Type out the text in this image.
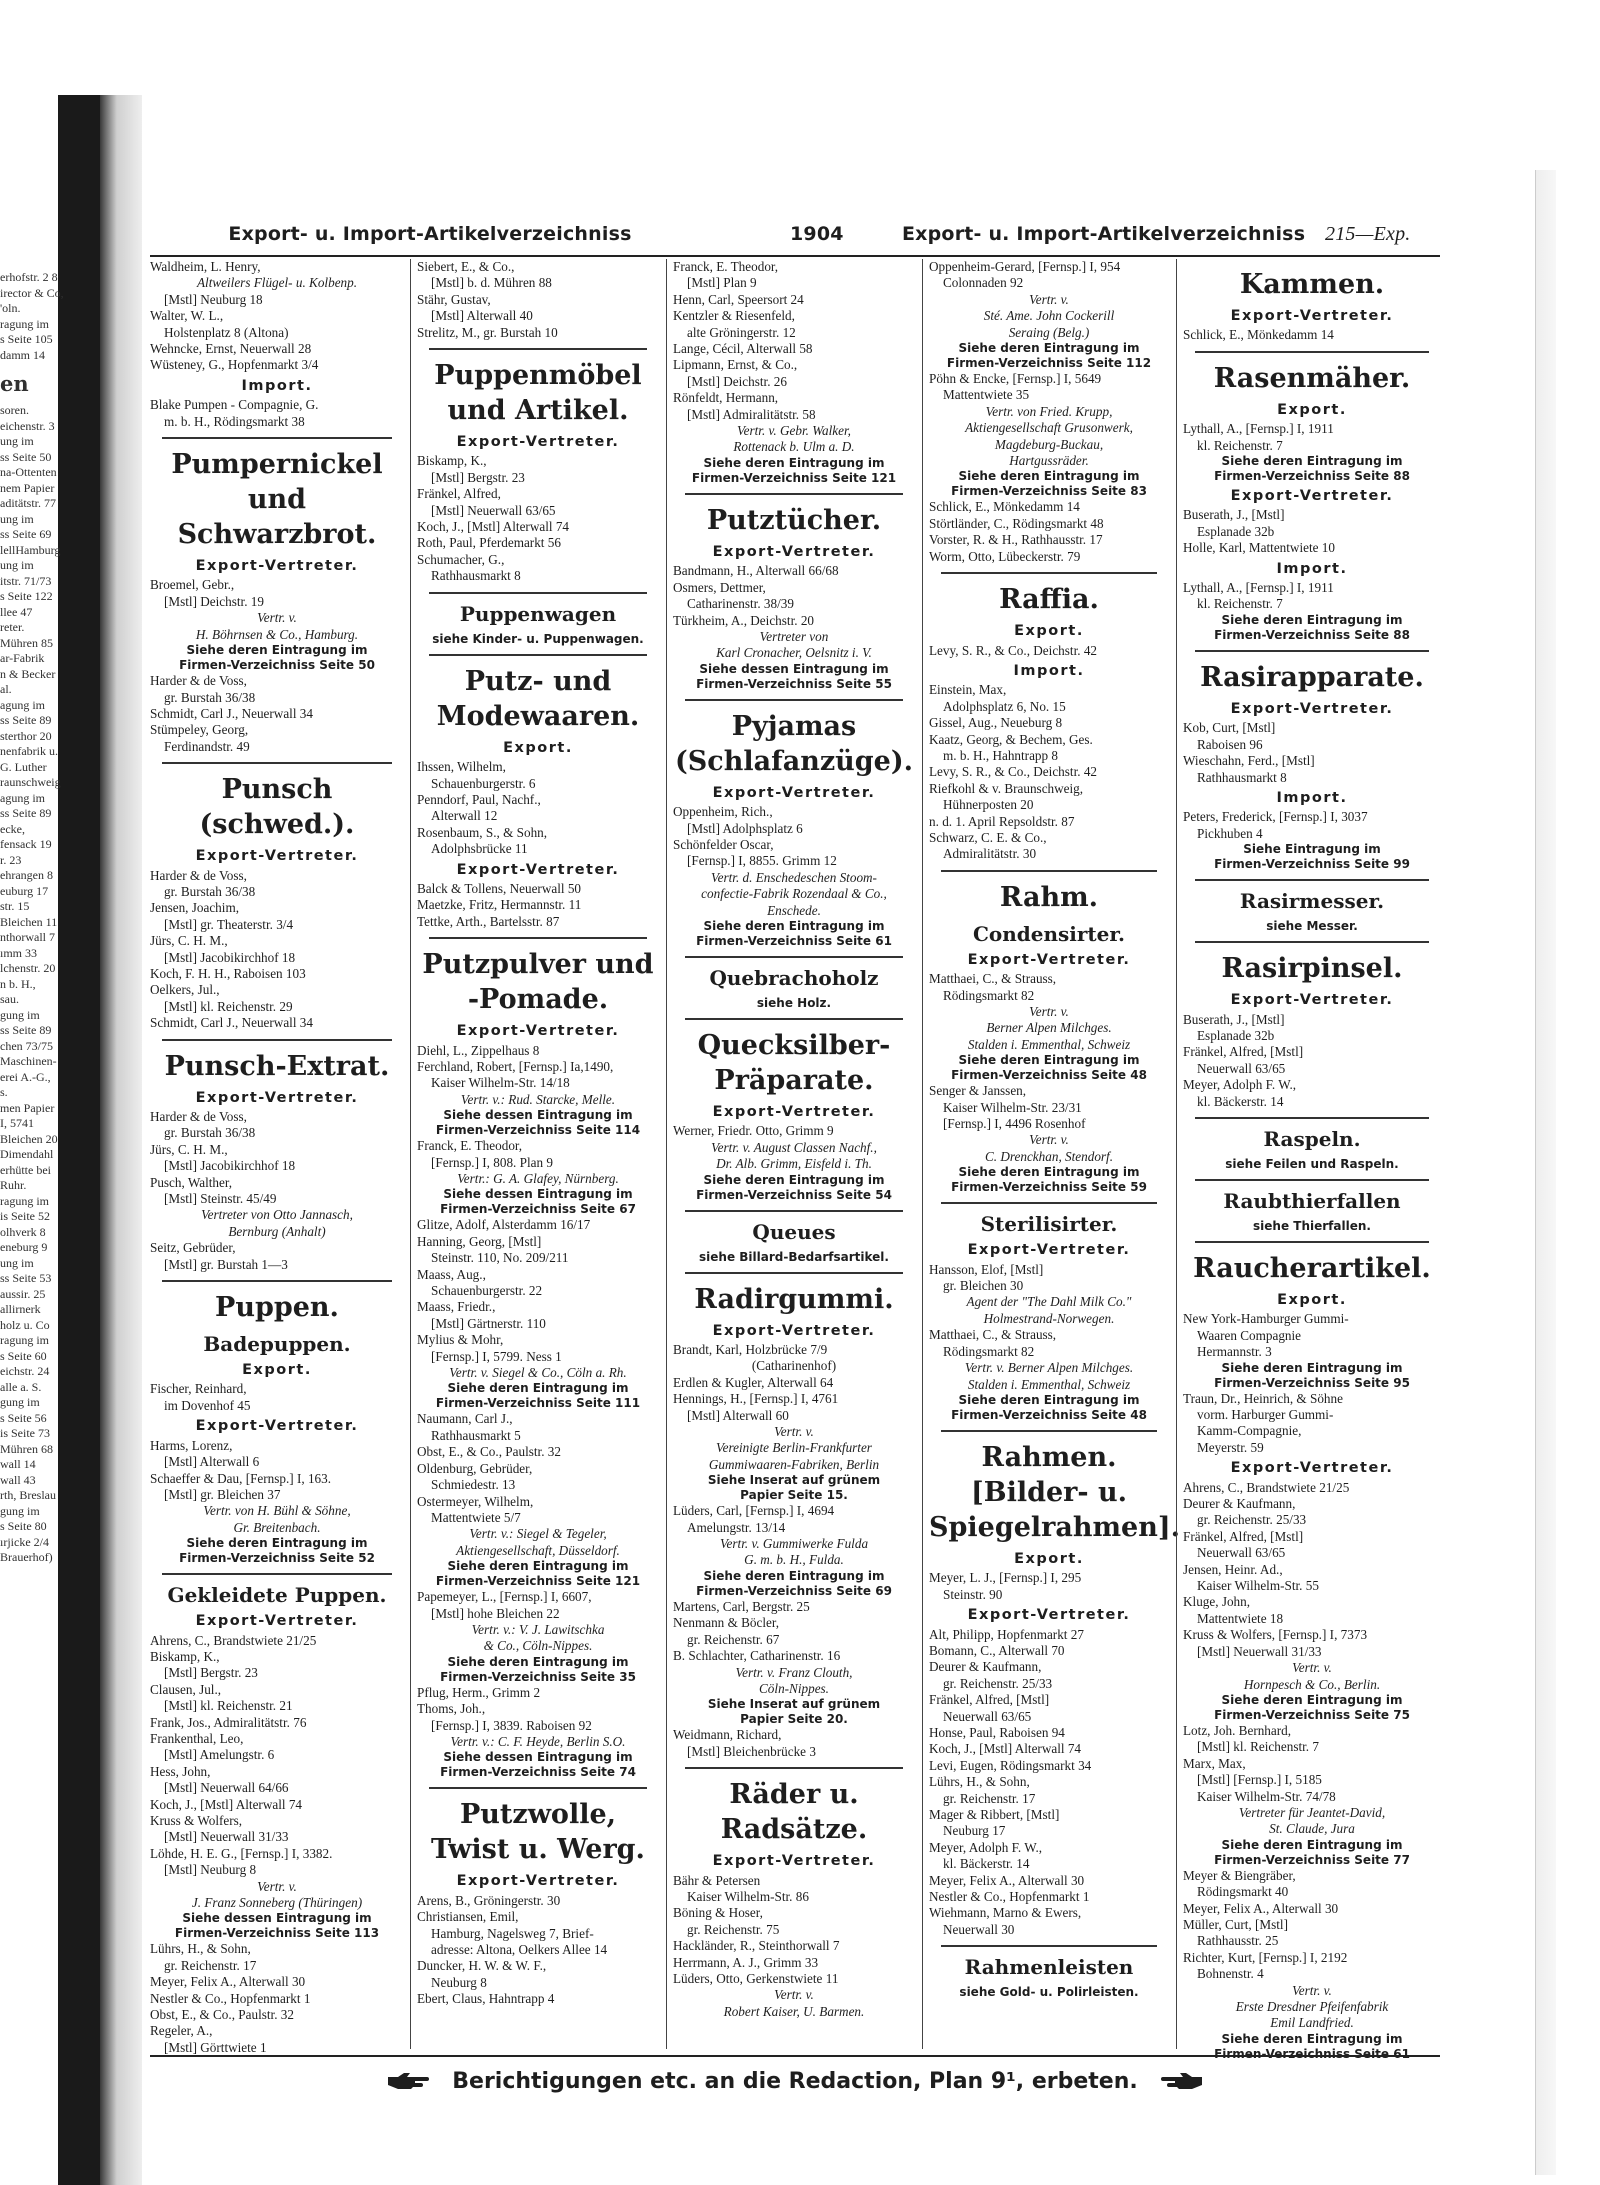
erhofstr. 2 8
irector & Co,
'oln.
ragung im
s Seite 105
damm 14
en
soren.
eichenstr. 3
ung im
ss Seite 50
na-Ottenten
nem Papier
aditätstr. 77
ung im
ss Seite 69
lellHamburg
ung im
itstr. 71/73
s Seite 122
llee 47
reter.
Mühren 85
ar-Fabrik
n & Becker
al.
agung im
ss Seite 89
sterthor 20
nenfabrik u.
G. Luther
raunschweig
agung im
ss Seite 89
ecke,
fensack 19
r. 23
ehrangen 8
euburg 17
str. 15
Bleichen 11
nthorwall 7
ımm 33
lchenstr. 20
n b. H.,
sau.
gung im
ss Seite 89
chen 73/75
Maschinen-
erei A.-G.,
s.
men Papier
I, 5741
Bleichen 20
Dimendahl
erhütte bei
Ruhr.
ragung im
is Seite 52
olhverk 8
eneburg 9
ung im
ss Seite 53
aussir. 25
allirnerk
holz u. Co
ragung im
s Seite 60
eichstr. 24
alle a. S.
gung im
s Seite 56
is Seite 73
Mühren 68
wall 14
wall 43
rth, Breslau
gung im
s Seite 80
ırjicke 2/4
Brauerhof)
Export- u. Import-Artikelverzeichniss	1904	Export- u. Import-Artikelverzeichniss 215—Exp.
Waldheim, L. Henry,
Altweilers Flügel- u. Kolbenp.
[Mstl] Neuburg 18
Walter, W. L.,
Holstenplatz 8 (Altona)
Wehncke, Ernst, Neuerwall 28
Wüsteney, G., Hopfenmarkt 3/4
Import.
Blake Pumpen - Compagnie, G.
m. b. H., Rödingsmarkt 38
Pumpernickel und Schwarzbrot.
Export-Vertreter.
Broemel, Gebr.,
[Mstl] Deichstr. 19
Vertr. v.
H. Böhrnsen & Co., Hamburg.
Siehe deren Eintragung im
Firmen-Verzeichniss Seite 50
Harder & de Voss,
gr. Burstah 36/38
Schmidt, Carl J., Neuerwall 34
Stümpeley, Georg,
Ferdinandstr. 49
Punsch (schwed.).
Export-Vertreter.
Harder & de Voss,
gr. Burstah 36/38
Jensen, Joachim,
[Mstl] gr. Theaterstr. 3/4
Jürs, C. H. M.,
[Mstl] Jacobikirchhof 18
Koch, F. H. H., Raboisen 103
Oelkers, Jul.,
[Mstl] kl. Reichenstr. 29
Schmidt, Carl J., Neuerwall 34
Punsch-Extrat.
Export-Vertreter.
Harder & de Voss,
gr. Burstah 36/38
Jürs, C. H. M.,
[Mstl] Jacobikirchhof 18
Pusch, Walther,
[Mstl] Steinstr. 45/49
Vertreter von Otto Jannasch,
Bernburg (Anhalt)
Seitz, Gebrüder,
[Mstl] gr. Burstah 1—3
Puppen.
Badepuppen.
Export.
Fischer, Reinhard,
im Dovenhof 45
Export-Vertreter.
Harms, Lorenz,
[Mstl] Alterwall 6
Schaeffer & Dau, [Fernsp.] I, 163.
[Mstl] gr. Bleichen 37
Vertr. von H. Bühl & Söhne,
Gr. Breitenbach.
Siehe deren Eintragung im
Firmen-Verzeichniss Seite 52
Gekleidete Puppen.
Export-Vertreter.
Ahrens, C., Brandstwiete 21/25
Biskamp, K.,
[Mstl] Bergstr. 23
Clausen, Jul.,
[Mstl] kl. Reichenstr. 21
Frank, Jos., Admiralitätstr. 76
Frankenthal, Leo,
[Mstl] Amelungstr. 6
Hess, John,
[Mstl] Neuerwall 64/66
Koch, J., [Mstl] Alterwall 74
Kruss & Wolfers,
[Mstl] Neuerwall 31/33
Löhde, H. E. G., [Fernsp.] I, 3382.
[Mstl] Neuburg 8
Vertr. v.
J. Franz Sonneberg (Thüringen)
Siehe dessen Eintragung im
Firmen-Verzeichniss Seite 113
Lührs, H., & Sohn,
gr. Reichenstr. 17
Meyer, Felix A., Alterwall 30
Nestler & Co., Hopfenmarkt 1
Obst, E., & Co., Paulstr. 32
Regeler, A.,
[Mstl] Görttwiete 1
Siebert, E., & Co.,
[Mstl] b. d. Mühren 88
Stähr, Gustav,
[Mstl] Alterwall 40
Strelitz, M., gr. Burstah 10
Puppenmöbel und Artikel.
Export-Vertreter.
Biskamp, K.,
[Mstl] Bergstr. 23
Fränkel, Alfred,
[Mstl] Neuerwall 63/65
Koch, J., [Mstl] Alterwall 74
Roth, Paul, Pferdemarkt 56
Schumacher, G.,
Rathhausmarkt 8
Puppenwagen
siehe Kinder- u. Puppenwagen.
Putz- und Modewaaren.
Export.
Ihssen, Wilhelm,
Schauenburgerstr. 6
Penndorf, Paul, Nachf.,
Alterwall 12
Rosenbaum, S., & Sohn,
Adolphsbrücke 11
Export-Vertreter.
Balck & Tollens, Neuerwall 50
Maetzke, Fritz, Hermannstr. 11
Tettke, Arth., Bartelsstr. 87
Putzpulver und -Pomade.
Export-Vertreter.
Diehl, L., Zippelhaus 8
Ferchland, Robert, [Fernsp.] Ia,1490,
Kaiser Wilhelm-Str. 14/18
Vertr. v.: Rud. Starcke, Melle.
Siehe dessen Eintragung im
Firmen-Verzeichniss Seite 114
Franck, E. Theodor,
[Fernsp.] I, 808. Plan 9
Vertr.: G. A. Glafey, Nürnberg.
Siehe dessen Eintragung im
Firmen-Verzeichniss Seite 67
Glitze, Adolf, Alsterdamm 16/17
Hanning, Georg, [Mstl]
Steinstr. 110, No. 209/211
Maass, Aug.,
Schauenburgerstr. 22
Maass, Friedr.,
[Mstl] Gärtnerstr. 110
Mylius & Mohr,
[Fernsp.] I, 5799. Ness 1
Vertr. v. Siegel & Co., Cöln a. Rh.
Siehe deren Eintragung im
Firmen-Verzeichniss Seite 111
Naumann, Carl J.,
Rathhausmarkt 5
Obst, E., & Co., Paulstr. 32
Oldenburg, Gebrüder,
Schmiedestr. 13
Ostermeyer, Wilhelm,
Mattentwiete 5/7
Vertr. v.: Siegel & Tegeler,
Aktiengesellschaft, Düsseldorf.
Siehe deren Eintragung im
Firmen-Verzeichniss Seite 121
Papemeyer, L., [Fernsp.] I, 6607,
[Mstl] hohe Bleichen 22
Vertr. v.: V. J. Lawitschka
& Co., Cöln-Nippes.
Siehe deren Eintragung im
Firmen-Verzeichniss Seite 35
Pflug, Herm., Grimm 2
Thoms, Joh.,
[Fernsp.] I, 3839. Raboisen 92
Vertr. v.: C. F. Heyde, Berlin S.O.
Siehe dessen Eintragung im
Firmen-Verzeichniss Seite 74
Putzwolle, Twist u. Werg.
Export-Vertreter.
Arens, B., Gröningerstr. 30
Christiansen, Emil,
Hamburg, Nagelsweg 7, Brief-
adresse: Altona, Oelkers Allee 14
Duncker, H. W. & W. F.,
Neuburg 8
Ebert, Claus, Hahntrapp 4
Franck, E. Theodor,
[Mstl] Plan 9
Henn, Carl, Speersort 24
Kentzler & Riesenfeld,
alte Gröningerstr. 12
Lange, Cécil, Alterwall 58
Lipmann, Ernst, & Co.,
[Mstl] Deichstr. 26
Rönfeldt, Hermann,
[Mstl] Admiralitätstr. 58
Vertr. v. Gebr. Walker,
Rottenack b. Ulm a. D.
Siehe deren Eintragung im
Firmen-Verzeichniss Seite 121
Putztücher.
Export-Vertreter.
Bandmann, H., Alterwall 66/68
Osmers, Dettmer,
Catharinenstr. 38/39
Türkheim, A., Deichstr. 20
Vertreter von
Karl Cronacher, Oelsnitz i. V.
Siehe dessen Eintragung im
Firmen-Verzeichniss Seite 55
Pyjamas (Schlafanzüge).
Export-Vertreter.
Oppenheim, Rich.,
[Mstl] Adolphsplatz 6
Schönfelder Oscar,
[Fernsp.] I, 8855. Grimm 12
Vertr. d. Enschedeschen Stoom-
confectie-Fabrik Rozendaal & Co.,
Enschede.
Siehe deren Eintragung im
Firmen-Verzeichniss Seite 61
Quebrachoholz
siehe Holz.
Quecksilber-Präparate.
Export-Vertreter.
Werner, Friedr. Otto, Grimm 9
Vertr. v. August Classen Nachf.,
Dr. Alb. Grimm, Eisfeld i. Th.
Siehe deren Eintragung im
Firmen-Verzeichniss Seite 54
Queues
siehe Billard-Bedarfsartikel.
Radirgummi.
Export-Vertreter.
Brandt, Karl, Holzbrücke 7/9
(Catharinenhof)
Erdlen & Kugler, Alterwall 64
Hennings, H., [Fernsp.] I, 4761
[Mstl] Alterwall 60
Vertr. v.
Vereinigte Berlin-Frankfurter
Gummiwaaren-Fabriken, Berlin
Siehe Inserat auf grünem
Papier Seite 15.
Lüders, Carl, [Fernsp.] I, 4694
Amelungstr. 13/14
Vertr. v. Gummiwerke Fulda
G. m. b. H., Fulda.
Siehe deren Eintragung im
Firmen-Verzeichniss Seite 69
Martens, Carl, Bergstr. 25
Nenmann & Böcler,
gr. Reichenstr. 67
B. Schlachter, Catharinenstr. 16
Vertr. v. Franz Clouth,
Cöln-Nippes.
Siehe Inserat auf grünem
Papier Seite 20.
Weidmann, Richard,
[Mstl] Bleichenbrücke 3
Räder u. Radsätze.
Export-Vertreter.
Bähr & Petersen
Kaiser Wilhelm-Str. 86
Böning & Hoser,
gr. Reichenstr. 75
Hackländer, R., Steinthorwall 7
Herrmann, A. J., Grimm 33
Lüders, Otto, Gerkenstwiete 11
Vertr. v.
Robert Kaiser, U. Barmen.
Oppenheim-Gerard, [Fernsp.] I, 954
Colonnaden 92
Vertr. v.
Sté. Ame. John Cockerill
Seraing (Belg.)
Siehe deren Eintragung im
Firmen-Verzeichniss Seite 112
Pöhn & Encke, [Fernsp.] I, 5649
Mattentwiete 35
Vertr. von Fried. Krupp,
Aktiengesellschaft Grusonwerk,
Magdeburg-Buckau,
Hartgussräder.
Siehe deren Eintragung im
Firmen-Verzeichniss Seite 83
Schlick, E., Mönkedamm 14
Störtländer, C., Rödingsmarkt 48
Vorster, R. & H., Rathhausstr. 17
Worm, Otto, Lübeckerstr. 79
Raffia.
Export.
Levy, S. R., & Co., Deichstr. 42
Import.
Einstein, Max,
Adolphsplatz 6, No. 15
Gissel, Aug., Neueburg 8
Kaatz, Georg, & Bechem, Ges.
m. b. H., Hahntrapp 8
Levy, S. R., & Co., Deichstr. 42
Riefkohl & v. Braunschweig,
Hühnerposten 20
n. d. 1. April Repsoldstr. 87
Schwarz, C. E. & Co.,
Admiralitätstr. 30
Rahm.
Condensirter.
Export-Vertreter.
Matthaei, C., & Strauss,
Rödingsmarkt 82
Vertr. v.
Berner Alpen Milchges.
Stalden i. Emmenthal, Schweiz
Siehe deren Eintragung im
Firmen-Verzeichniss Seite 48
Senger & Janssen,
Kaiser Wilhelm-Str. 23/31
[Fernsp.] I, 4496 Rosenhof
Vertr. v.
C. Drenckhan, Stendorf.
Siehe deren Eintragung im
Firmen-Verzeichniss Seite 59
Sterilisirter.
Export-Vertreter.
Hansson, Elof, [Mstl]
gr. Bleichen 30
Agent der "The Dahl Milk Co."
Holmestrand-Norwegen.
Matthaei, C., & Strauss,
Rödingsmarkt 82
Vertr. v. Berner Alpen Milchges.
Stalden i. Emmenthal, Schweiz
Siehe deren Eintragung im
Firmen-Verzeichniss Seite 48
Rahmen. [Bilder- u. Spiegelrahmen].
Export.
Meyer, L. J., [Fernsp.] I, 295
Steinstr. 90
Export-Vertreter.
Alt, Philipp, Hopfenmarkt 27
Bomann, C., Alterwall 70
Deurer & Kaufmann,
gr. Reichenstr. 25/33
Fränkel, Alfred, [Mstl]
Neuerwall 63/65
Honse, Paul, Raboisen 94
Koch, J., [Mstl] Alterwall 74
Levi, Eugen, Rödingsmarkt 34
Lührs, H., & Sohn,
gr. Reichenstr. 17
Mager & Ribbert, [Mstl]
Neuburg 17
Meyer, Adolph F. W.,
kl. Bäckerstr. 14
Meyer, Felix A., Alterwall 30
Nestler & Co., Hopfenmarkt 1
Wiehmann, Marno & Ewers,
Neuerwall 30
Rahmenleisten
siehe Gold- u. Polirleisten.
Kammen.
Export-Vertreter.
Schlick, E., Mönkedamm 14
Rasenmäher.
Export.
Lythall, A., [Fernsp.] I, 1911
kl. Reichenstr. 7
Siehe deren Eintragung im
Firmen-Verzeichniss Seite 88
Export-Vertreter.
Buserath, J., [Mstl]
Esplanade 32b
Holle, Karl, Mattentwiete 10
Import.
Lythall, A., [Fernsp.] I, 1911
kl. Reichenstr. 7
Siehe deren Eintragung im
Firmen-Verzeichniss Seite 88
Rasirapparate.
Export-Vertreter.
Kob, Curt, [Mstl]
Raboisen 96
Wieschahn, Ferd., [Mstl]
Rathhausmarkt 8
Import.
Peters, Frederick, [Fernsp.] I, 3037
Pickhuben 4
Siehe Eintragung im
Firmen-Verzeichniss Seite 99
Rasirmesser.
siehe Messer.
Rasirpinsel.
Export-Vertreter.
Buserath, J., [Mstl]
Esplanade 32b
Fränkel, Alfred, [Mstl]
Neuerwall 63/65
Meyer, Adolph F. W.,
kl. Bäckerstr. 14
Raspeln.
siehe Feilen und Raspeln.
Raubthierfallen
siehe Thierfallen.
Raucherartikel.
Export.
New York-Hamburger Gummi-
Waaren Compagnie
Hermannstr. 3
Siehe deren Eintragung im
Firmen-Verzeichniss Seite 95
Traun, Dr., Heinrich, & Söhne
vorm. Harburger Gummi-
Kamm-Compagnie,
Meyerstr. 59
Export-Vertreter.
Ahrens, C., Brandstwiete 21/25
Deurer & Kaufmann,
gr. Reichenstr. 25/33
Fränkel, Alfred, [Mstl]
Neuerwall 63/65
Jensen, Heinr. Ad.,
Kaiser Wilhelm-Str. 55
Kluge, John,
Mattentwiete 18
Kruss & Wolfers, [Fernsp.] I, 7373
[Mstl] Neuerwall 31/33
Vertr. v.
Hornpesch & Co., Berlin.
Siehe deren Eintragung im
Firmen-Verzeichniss Seite 75
Lotz, Joh. Bernhard,
[Mstl] kl. Reichenstr. 7
Marx, Max,
[Mstl] [Fernsp.] I, 5185
Kaiser Wilhelm-Str. 74/78
Vertreter für Jeantet-David,
St. Claude, Jura
Siehe deren Eintragung im
Firmen-Verzeichniss Seite 77
Meyer & Biengräber,
Rödingsmarkt 40
Meyer, Felix A., Alterwall 30
Müller, Curt, [Mstl]
Rathhausstr. 25
Richter, Kurt, [Fernsp.] I, 2192
Bohnenstr. 4
Vertr. v.
Erste Dresdner Pfeifenfabrik
Emil Landfried.
Siehe deren Eintragung im
Firmen-Verzeichniss Seite 61
Berichtigungen etc. an die Redaction, Plan 9¹, erbeten.
